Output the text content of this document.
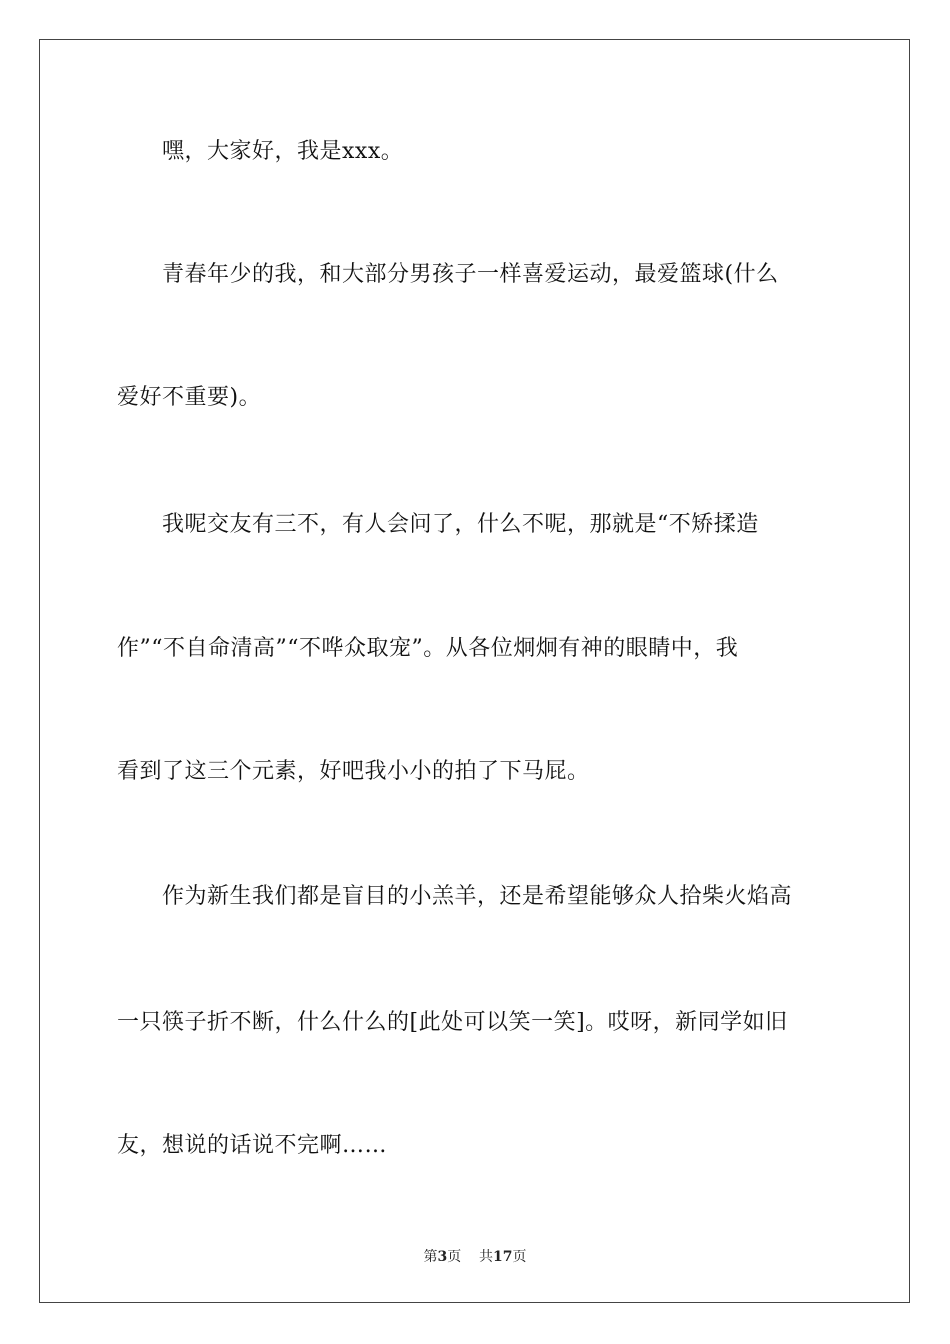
　　嘿，大家好，我是xxx。
　　青春年少的我，和大部分男孩子一样喜爱运动，最爱篮球(什么
爱好不重要)。
　　我呢交友有三不，有人会问了，什么不呢，那就是“不矫揉造
作”“不自命清高”“不哗众取宠”。从各位炯炯有神的眼睛中，我
看到了这三个元素，好吧我小小的拍了下马屁。
　　作为新生我们都是盲目的小羔羊，还是希望能够众人拾柴火焰高
一只筷子折不断，什么什么的[此处可以笑一笑]。哎呀，新同学如旧
友，想说的话说不完啊……
第3页 共17页
